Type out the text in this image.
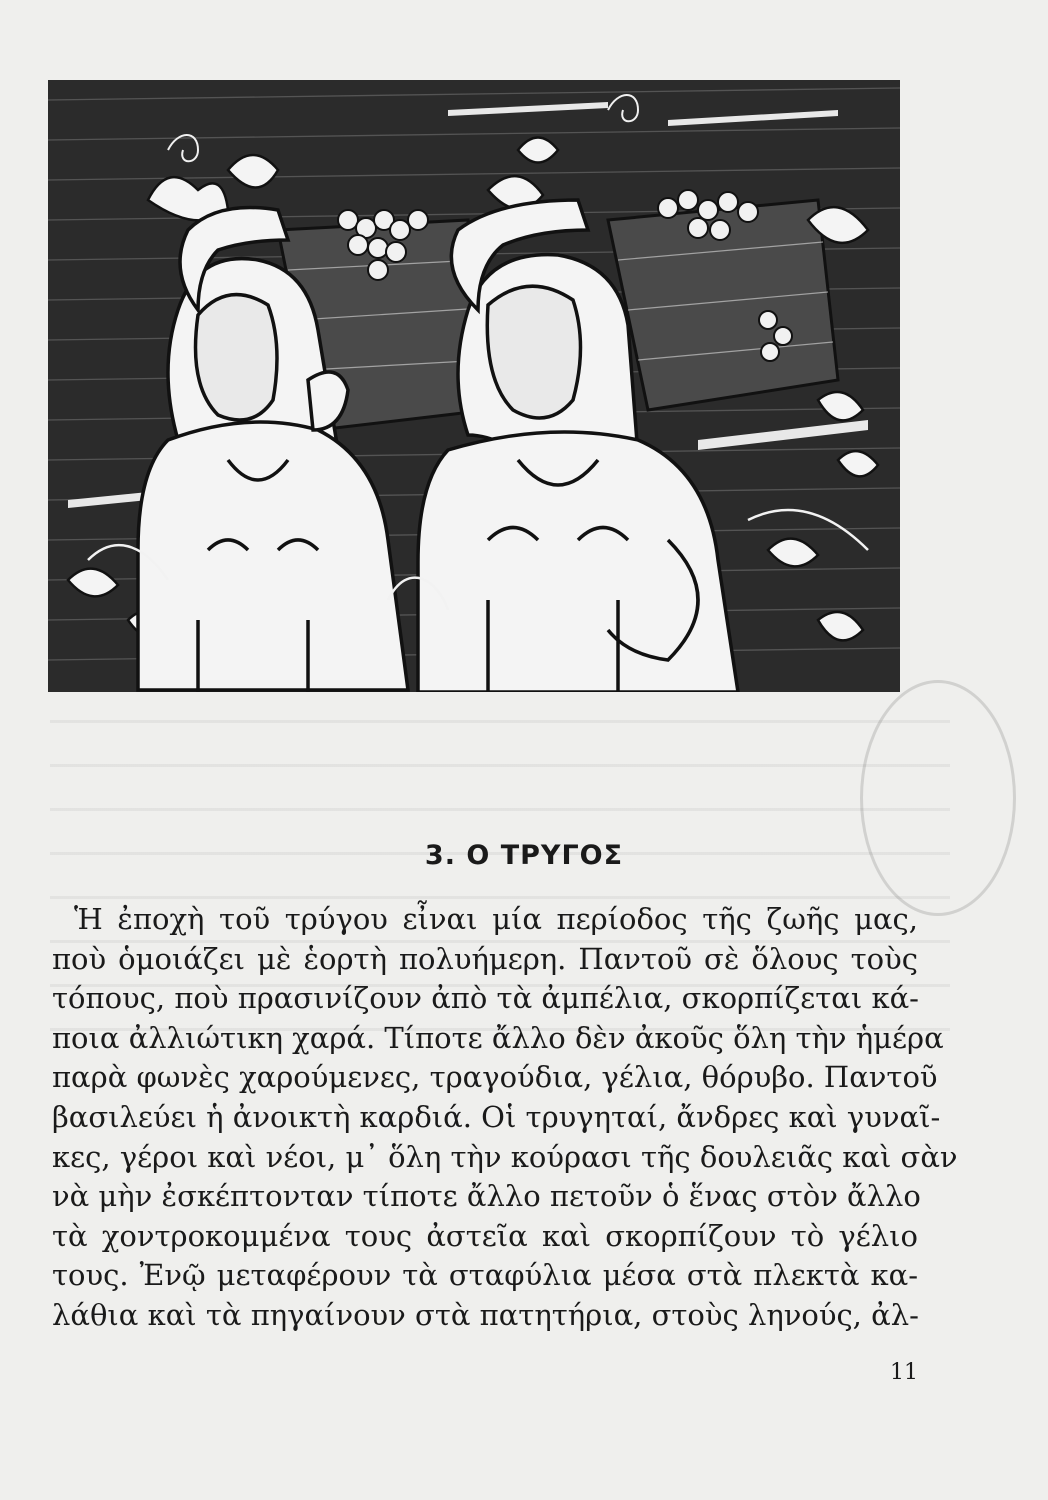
3. Ο ΤΡΥΓΟΣ
Ἡ ἐποχὴ τοῦ τρύγου εἶναι μία περίοδος τῆς ζωῆς μας,
ποὺ ὁμοιάζει μὲ ἑορτὴ πολυήμερη. Παντοῦ σὲ ὅλους τοὺς
τόπους, ποὺ πρασινίζουν ἀπὸ τὰ ἀμπέλια, σκορπίζεται κά-
ποια ἀλλιώτικη χαρά. Τίποτε ἄλλο δὲν ἀκοῦς ὅλη τὴν ἡμέρα
παρὰ φωνὲς χαρούμενες, τραγούδια, γέλια, θόρυβο. Παντοῦ
βασιλεύει ἡ ἀνοικτὴ καρδιά. Οἱ τρυγηταί, ἄνδρες καὶ γυναῖ-
κες, γέροι καὶ νέοι, μ᾿ ὅλη τὴν κούρασι τῆς δουλειᾶς καὶ σὰν
νὰ μὴν ἐσκέπτονταν τίποτε ἄλλο πετοῦν ὁ ἕνας στὸν ἄλλο
τὰ χοντροκομμένα τους ἀστεῖα καὶ σκορπίζουν τὸ γέλιο
τους. Ἐνῷ μεταφέρουν τὰ σταφύλια μέσα στὰ πλεκτὰ κα-
λάθια καὶ τὰ πηγαίνουν στὰ πατητήρια, στοὺς ληνούς, ἀλ-
11
